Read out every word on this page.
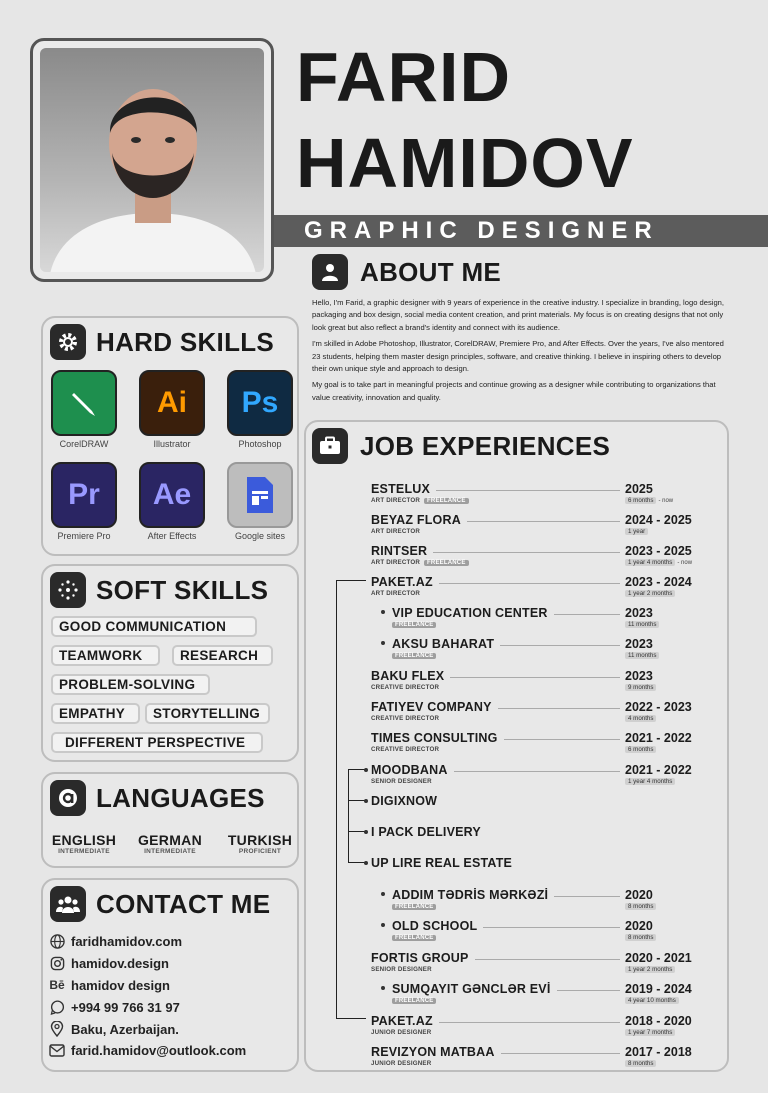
FARID
HAMIDOV
GRAPHIC DESIGNER
ABOUT ME

Hello, I'm Farid, a graphic designer with 9 years of experience in the creative industry. I specialize in branding, logo design, packaging and box design, social media content creation, and print materials. My focus is on creating designs that not only look great but also reflect a brand's identity and connect with its audience.

I'm skilled in Adobe Photoshop, Illustrator, CorelDRAW, Premiere Pro, and After Effects. Over the years, I've also mentored 23 students, helping them master design principles, software, and creative thinking. I believe in inspiring others to develop their own unique style and approach to design.

My goal is to take part in meaningful projects and continue growing as a designer while contributing to organizations that value creativity, innovation and quality.

HARD SKILLS
CorelDRAW
Ai
Illustrator
Ps
Photoshop
Pr
Premiere Pro
Ae
After Effects	Google sites
SOFT SKILLS
GOOD COMMUNICATION
TEAMWORK	RESEARCH
PROBLEM-SOLVING
EMPATHY	STORYTELLING
DIFFERENT PERSPECTIVE
LANGUAGES
ENGLISH
INTERMEDIATE
GERMAN
INTERMEDIATE
TURKISH
PROFICIENT
CONTACT ME
faridhamidov.com
hamidov.design
Bē hamidov design
+994 99 766 31 97
Baku, Azerbaijan.
farid.hamidov@outlook.com
JOB EXPERIENCES
ESTELUX	2025
ART DIRECTOR FREELANCE	6 months - now
BEYAZ FLORA	2024 - 2025
ART DIRECTOR	1 year
RINTSER	2023 - 2025
ART DIRECTOR FREELANCE	1 year 4 months - now
PAKET.AZ	2023 - 2024
ART DIRECTOR	1 year 2 months
VIP EDUCATION CENTER	2023
FREELANCE	11 months
AKSU BAHARAT	2023
FREELANCE	11 months
BAKU FLEX	2023
CREATIVE DIRECTOR	9 months
FATIYEV COMPANY	2022 - 2023
CREATIVE DIRECTOR	4 months
TIMES CONSULTING	2021 - 2022
CREATIVE DIRECTOR	6 months
MOODBANA	2021 - 2022
SENIOR DESIGNER	1 year 4 months
DIGIXNOW
I PACK DELIVERY
UP LIRE REAL ESTATE
ADDIM TƏDRİS MƏRKƏZİ	2020
FREELANCE	8 months
OLD SCHOOL	2020
FREELANCE	8 months
FORTIS GROUP	2020 - 2021
SENIOR DESIGNER	1 year 2 months
SUMQAYIT GƏNCLƏR EVİ	2019 - 2024
FREELANCE	4 year 10 months
PAKET.AZ	2018 - 2020
JUNIOR DESIGNER	1 year 7 months
REVIZYON MATBAA	2017 - 2018
JUNIOR DESIGNER	8 months
